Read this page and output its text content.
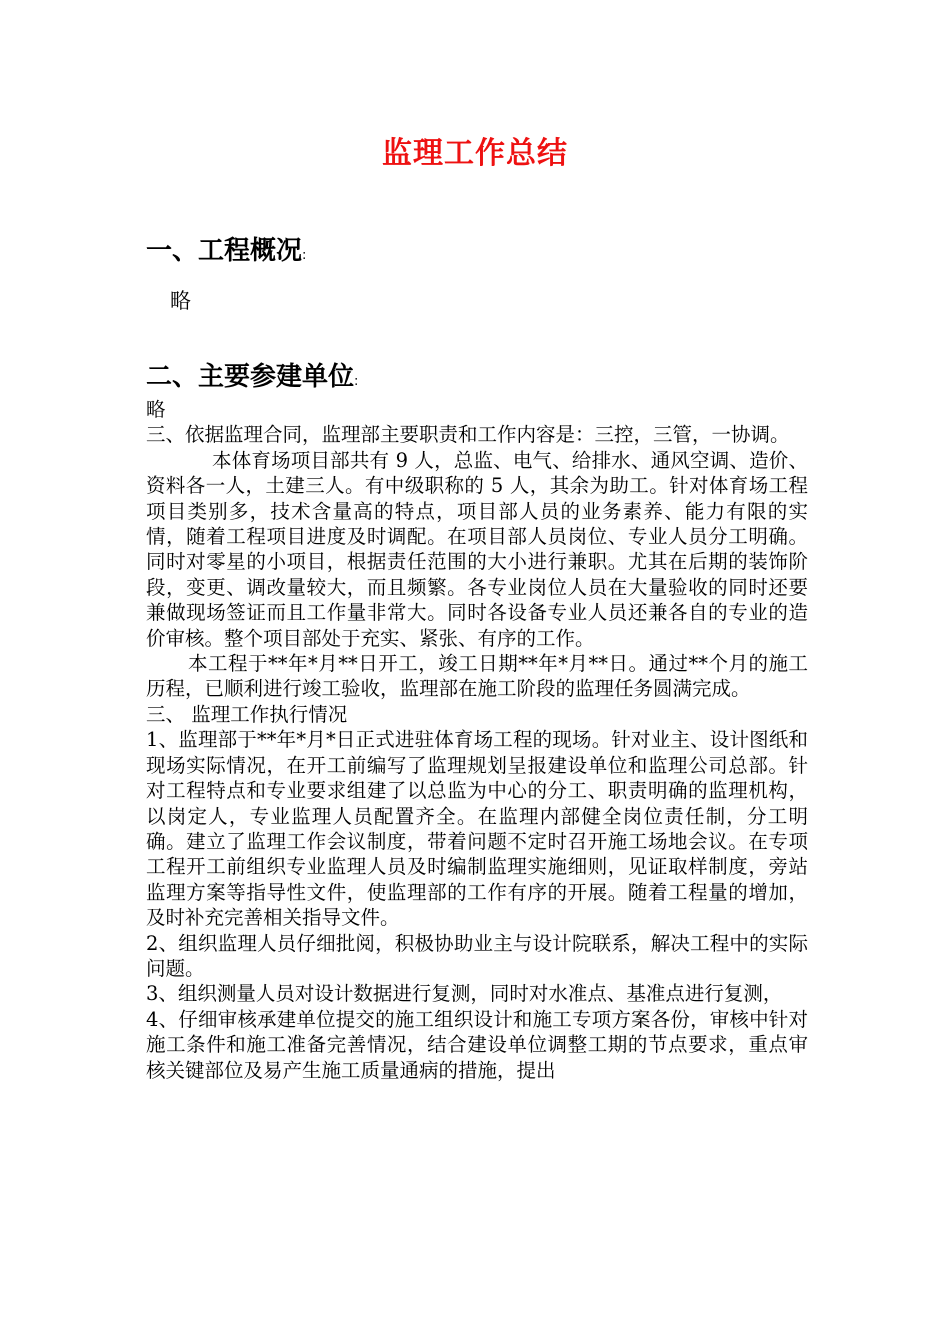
监理工作总结
一、工程概况:

略

二、主要参建单位:

略

三、依据监理合同，监理部主要职责和工作内容是：三控，三管，一协调。

本体育场项目部共有 9 人，总监、电气、给排水、通风空调、造价、资料各一人，土建三人。有中级职称的 5 人，其余为助工。针对体育场工程项目类别多，技术含量高的特点，项目部人员的业务素养、能力有限的实情，随着工程项目进度及时调配。在项目部人员岗位、专业人员分工明确。同时对零星的小项目，根据责任范围的大小进行兼职。尤其在后期的装饰阶段，变更、调改量较大，而且频繁。各专业岗位人员在大量验收的同时还要兼做现场签证而且工作量非常大。同时各设备专业人员还兼各自的专业的造价审核。整个项目部处于充实、紧张、有序的工作。

本工程于**年*月**日开工，竣工日期**年*月**日。通过**个月的施工历程，已顺利进行竣工验收，监理部在施工阶段的监理任务圆满完成。

三、 监理工作执行情况

1、监理部于**年*月*日正式进驻体育场工程的现场。针对业主、设计图纸和现场实际情况，在开工前编写了监理规划呈报建设单位和监理公司总部。针对工程特点和专业要求组建了以总监为中心的分工、职责明确的监理机构，以岗定人，专业监理人员配置齐全。在监理内部健全岗位责任制，分工明确。建立了监理工作会议制度，带着问题不定时召开施工场地会议。在专项工程开工前组织专业监理人员及时编制监理实施细则，见证取样制度，旁站监理方案等指导性文件，使监理部的工作有序的开展。随着工程量的增加，及时补充完善相关指导文件。

2、组织监理人员仔细批阅，积极协助业主与设计院联系，解决工程中的实际问题。

3、组织测量人员对设计数据进行复测，同时对水准点、基准点进行复测，

4、仔细审核承建单位提交的施工组织设计和施工专项方案各份，审核中针对施工条件和施工准备完善情况，结合建设单位调整工期的节点要求，重点审核关键部位及易产生施工质量通病的措施，提出
